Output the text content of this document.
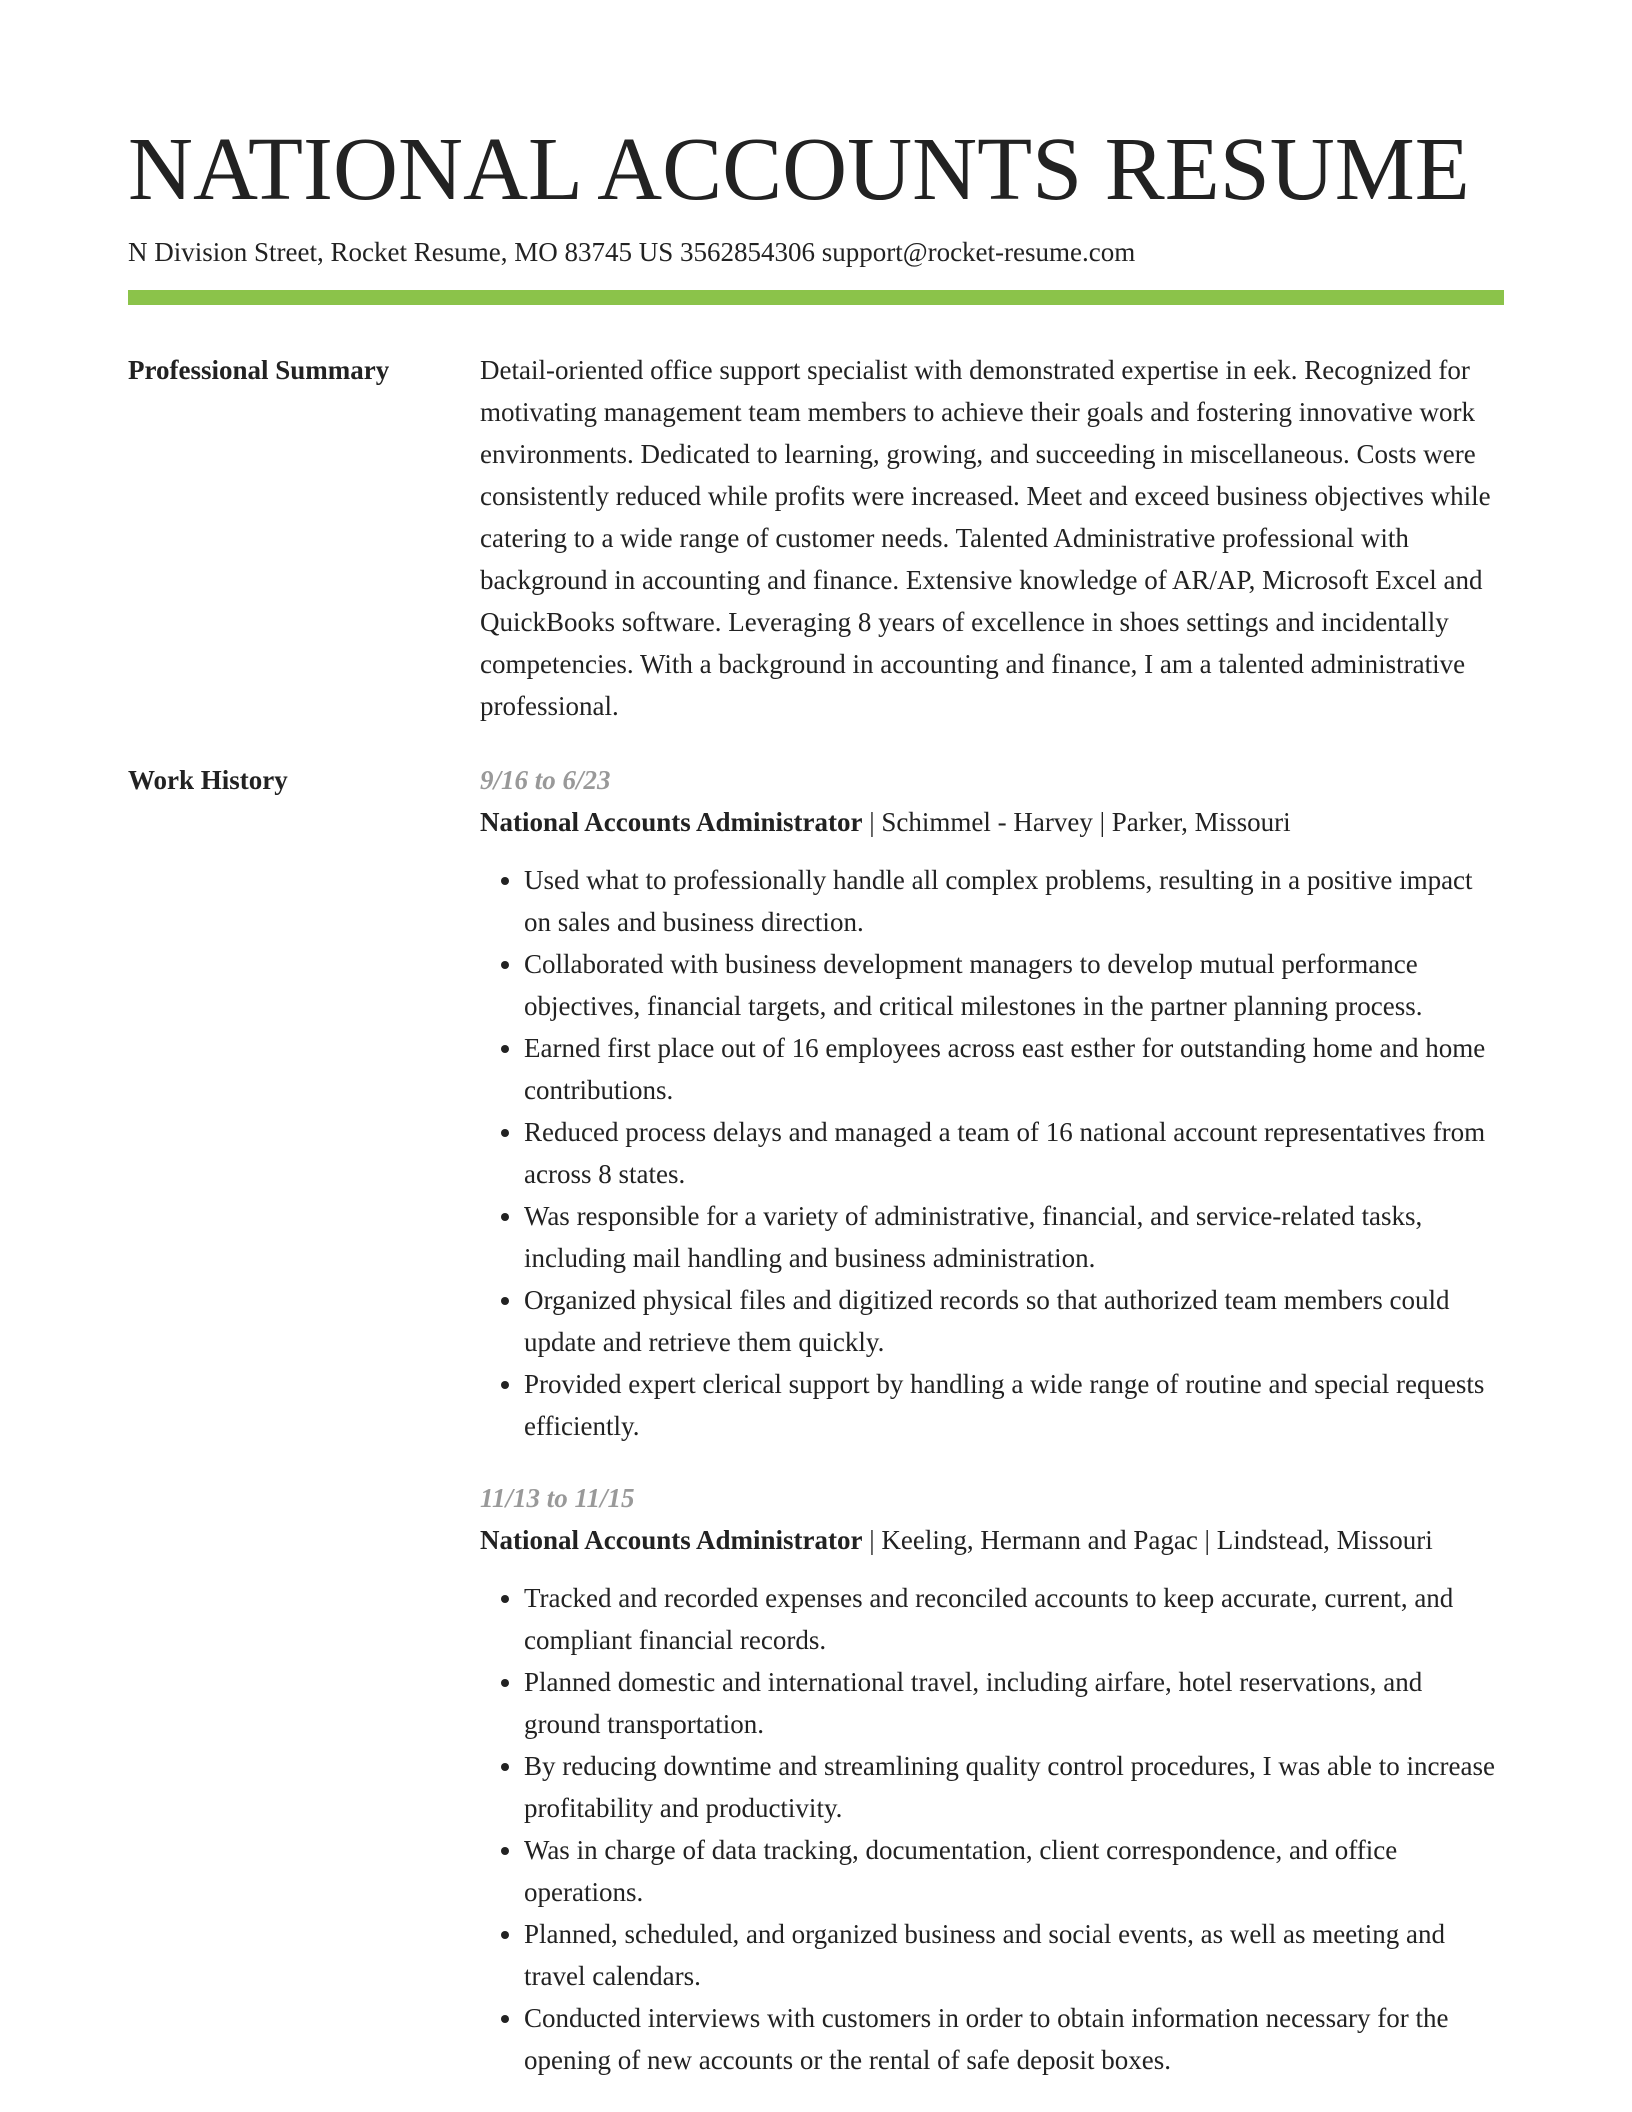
NATIONAL ACCOUNTS RESUME
N Division Street, Rocket Resume, MO 83745 US 3562854306 support@rocket-resume.com
Professional Summary	Detail-oriented office support specialist with demonstrated expertise in eek. Recognized for motivating management team members to achieve their goals and fostering innovative work environments. Dedicated to learning, growing, and succeeding in miscellaneous. Costs were consistently reduced while profits were increased. Meet and exceed business objectives while catering to a wide range of customer needs. Talented Administrative professional with background in accounting and finance. Extensive knowledge of AR/AP, Microsoft Excel and QuickBooks software. Leveraging 8 years of excellence in shoes settings and incidentally competencies. With a background in accounting and finance, I am a talented administrative professional.
Work History	9/16 to 6/23
National Accounts Administrator | Schimmel - Harvey | Parker, Missouri
• Used what to professionally handle all complex problems, resulting in a positive impact on sales and business direction.
• Collaborated with business development managers to develop mutual performance objectives, financial targets, and critical milestones in the partner planning process.
• Earned first place out of 16 employees across east esther for outstanding home and home contributions.
• Reduced process delays and managed a team of 16 national account representatives from across 8 states.
• Was responsible for a variety of administrative, financial, and service-related tasks, including mail handling and business administration.
• Organized physical files and digitized records so that authorized team members could update and retrieve them quickly.
• Provided expert clerical support by handling a wide range of routine and special requests efficiently.
11/13 to 11/15
National Accounts Administrator | Keeling, Hermann and Pagac | Lindstead, Missouri
• Tracked and recorded expenses and reconciled accounts to keep accurate, current, and compliant financial records.
• Planned domestic and international travel, including airfare, hotel reservations, and ground transportation.
• By reducing downtime and streamlining quality control procedures, I was able to increase profitability and productivity.
• Was in charge of data tracking, documentation, client correspondence, and office operations.
• Planned, scheduled, and organized business and social events, as well as meeting and travel calendars.
• Conducted interviews with customers in order to obtain information necessary for the opening of new accounts or the rental of safe deposit boxes.
